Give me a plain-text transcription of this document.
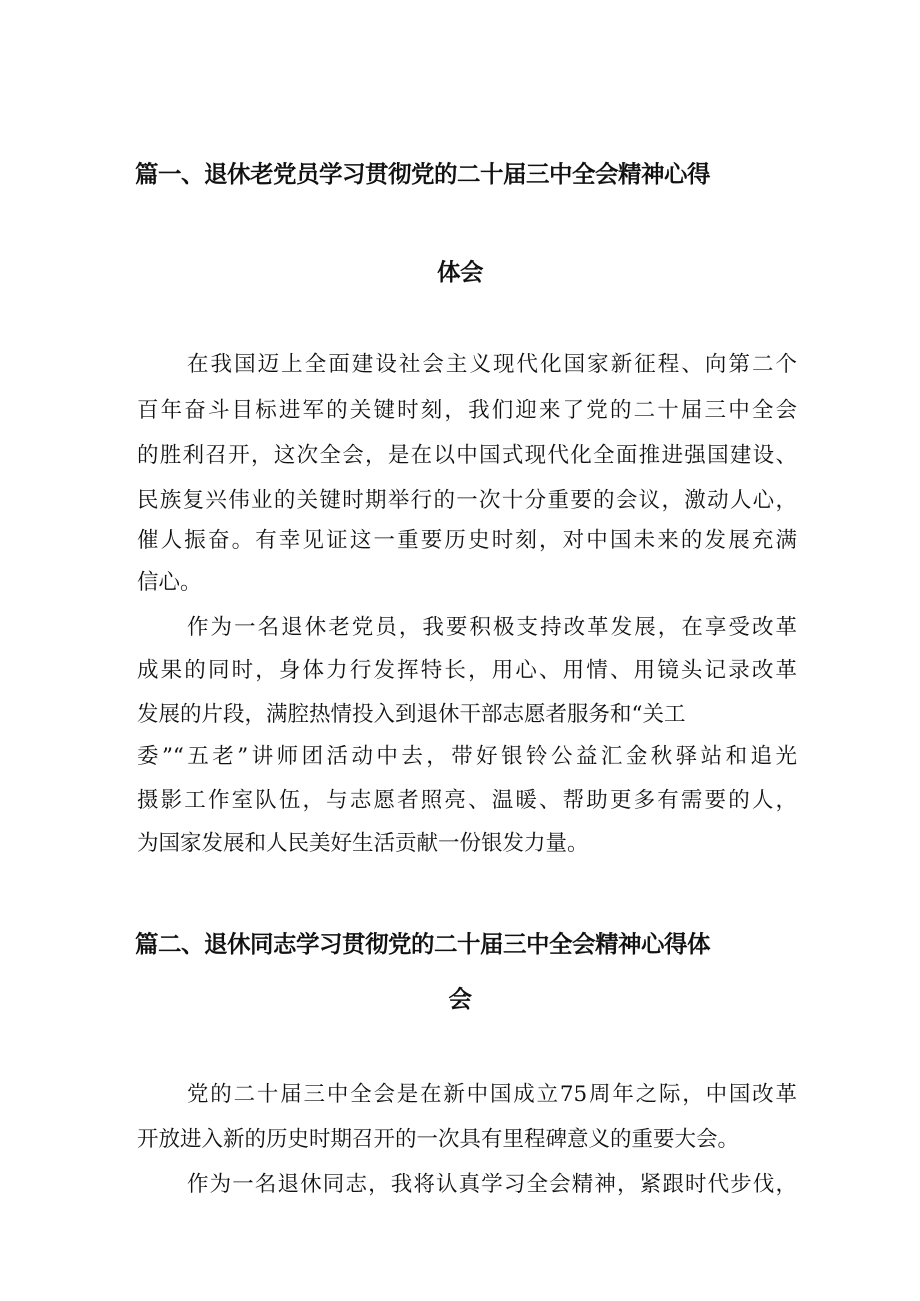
篇一、退休老党员学习贯彻党的二十届三中全会精神心得
体会
在我国迈上全面建设社会主义现代化国家新征程、向第二个
百年奋斗目标进军的关键时刻，我们迎来了党的二十届三中全会
的胜利召开，这次全会，是在以中国式现代化全面推进强国建设、
民族复兴伟业的关键时期举行的一次十分重要的会议，激动人心，
催人振奋。有幸见证这一重要历史时刻，对中国未来的发展充满
信心。
作为一名退休老党员，我要积极支持改革发展，在享受改革
成果的同时，身体力行发挥特长，用心、用情、用镜头记录改革
发展的片段，满腔热情投入到退休干部志愿者服务和“关工
委”“五老”讲师团活动中去，带好银铃公益汇金秋驿站和追光
摄影工作室队伍，与志愿者照亮、温暖、帮助更多有需要的人，
为国家发展和人民美好生活贡献一份银发力量。
篇二、退休同志学习贯彻党的二十届三中全会精神心得体
会
党的二十届三中全会是在新中国成立75周年之际，中国改革
开放进入新的历史时期召开的一次具有里程碑意义的重要大会。
作为一名退休同志，我将认真学习全会精神，紧跟时代步伐，
